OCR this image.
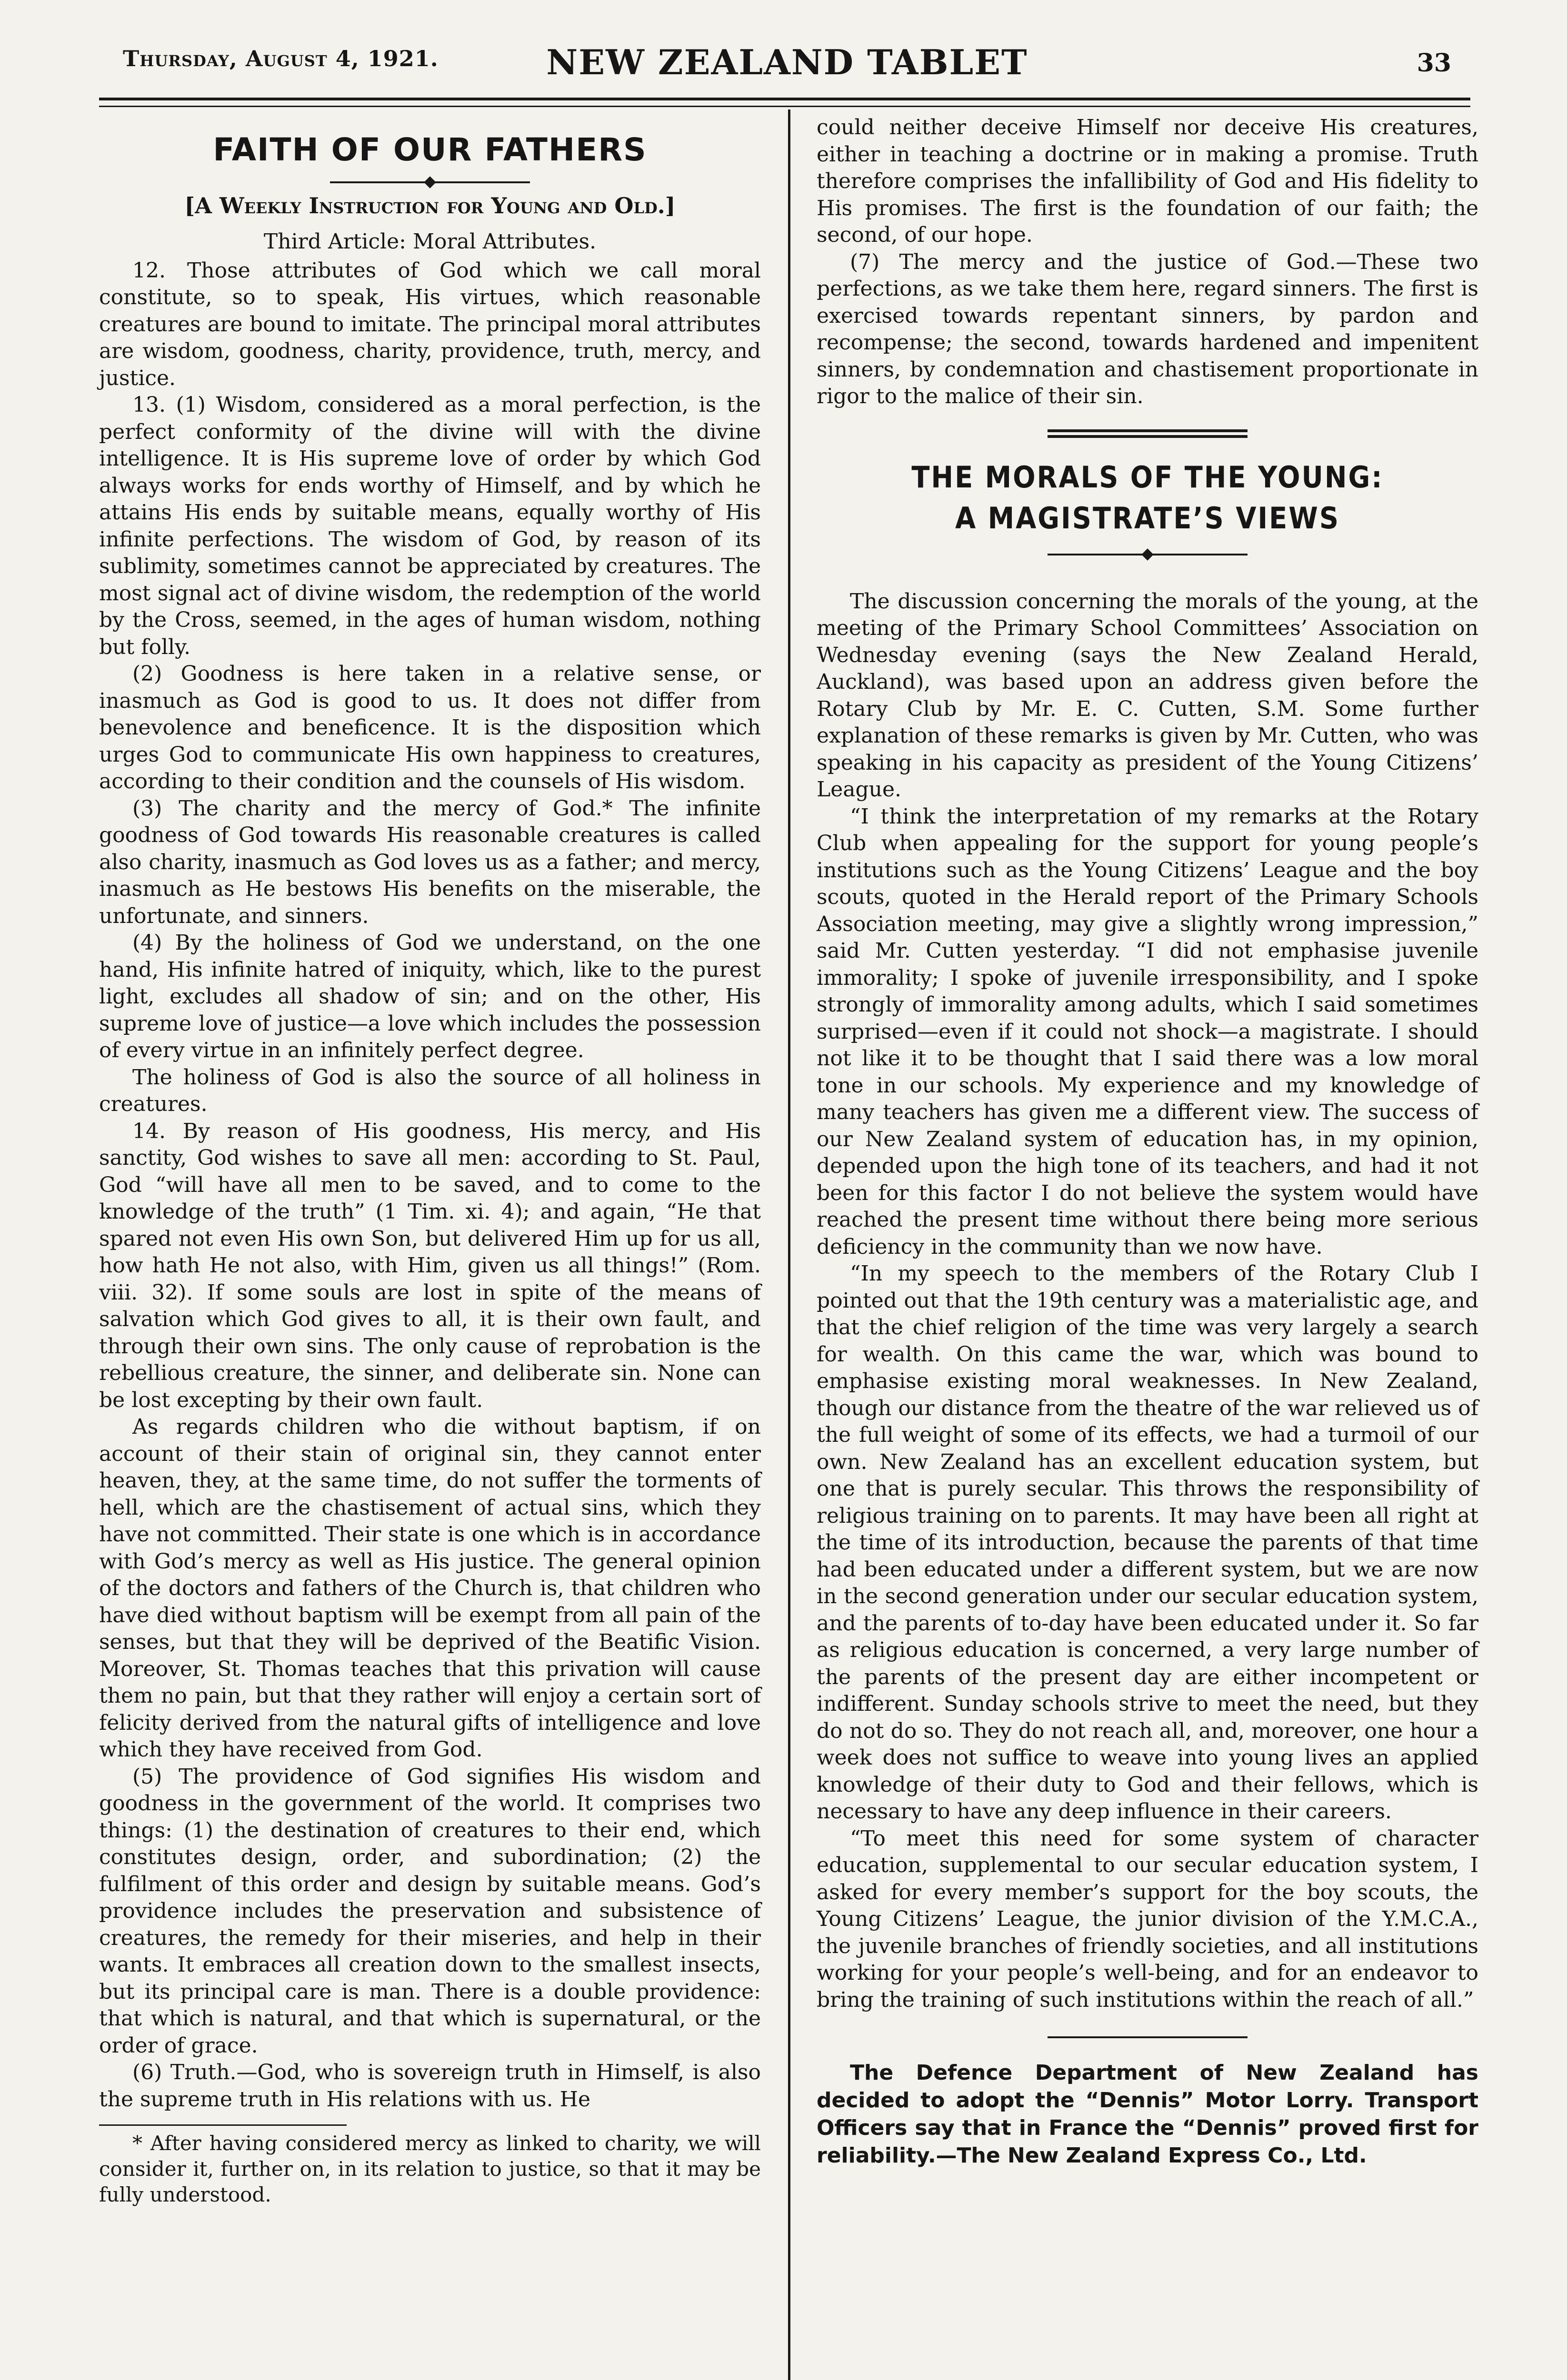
Thursday, August 4, 1921.	NEW ZEALAND TABLET	33
FAITH OF OUR FATHERS
[A Weekly Instruction for Young and Old.]

Third Article: Moral Attributes.

12. Those attributes of God which we call moral constitute, so to speak, His virtues, which reasonable creatures are bound to imitate. The principal moral attributes are wisdom, goodness, charity, providence, truth, mercy, and justice.

13. (1) Wisdom, considered as a moral perfection, is the perfect conformity of the divine will with the divine intelligence. It is His supreme love of order by which God always works for ends worthy of Himself, and by which he attains His ends by suitable means, equally worthy of His infinite perfections. The wisdom of God, by reason of its sublimity, sometimes cannot be appreciated by creatures. The most signal act of divine wisdom, the redemption of the world by the Cross, seemed, in the ages of human wisdom, nothing but folly.

(2) Goodness is here taken in a relative sense, or inasmuch as God is good to us. It does not differ from benevolence and beneficence. It is the disposition which urges God to communicate His own happiness to creatures, according to their condition and the counsels of His wisdom.

(3) The charity and the mercy of God.* The infinite goodness of God towards His reasonable creatures is called also charity, inasmuch as God loves us as a father; and mercy, inasmuch as He bestows His benefits on the miserable, the unfortunate, and sinners.

(4) By the holiness of God we understand, on the one hand, His infinite hatred of iniquity, which, like to the purest light, excludes all shadow of sin; and on the other, His supreme love of justice—a love which includes the possession of every virtue in an infinitely perfect degree.

The holiness of God is also the source of all holiness in creatures.

14. By reason of His goodness, His mercy, and His sanctity, God wishes to save all men: according to St. Paul, God “will have all men to be saved, and to come to the knowledge of the truth” (1 Tim. xi. 4); and again, “He that spared not even His own Son, but delivered Him up for us all, how hath He not also, with Him, given us all things!” (Rom. viii. 32). If some souls are lost in spite of the means of salvation which God gives to all, it is their own fault, and through their own sins. The only cause of reprobation is the rebellious creature, the sinner, and deliberate sin. None can be lost excepting by their own fault.

As regards children who die without baptism, if on account of their stain of original sin, they cannot enter heaven, they, at the same time, do not suffer the torments of hell, which are the chastisement of actual sins, which they have not committed. Their state is one which is in accordance with God’s mercy as well as His justice. The general opinion of the doctors and fathers of the Church is, that children who have died without baptism will be exempt from all pain of the senses, but that they will be deprived of the Beatific Vision. Moreover, St. Thomas teaches that this privation will cause them no pain, but that they rather will enjoy a certain sort of felicity derived from the natural gifts of intelligence and love which they have received from God.

(5) The providence of God signifies His wisdom and goodness in the government of the world. It comprises two things: (1) the destination of creatures to their end, which constitutes design, order, and subordination; (2) the fulfilment of this order and design by suitable means. God’s providence includes the preservation and subsistence of creatures, the remedy for their miseries, and help in their wants. It embraces all creation down to the smallest insects, but its principal care is man. There is a double providence: that which is natural, and that which is supernatural, or the order of grace.

(6) Truth.—God, who is sovereign truth in Himself, is also the supreme truth in His relations with us. He

* After having considered mercy as linked to charity, we will consider it, further on, in its relation to justice, so that it may be fully understood.

could neither deceive Himself nor deceive His creatures, either in teaching a doctrine or in making a promise. Truth therefore comprises the infallibility of God and His fidelity to His promises. The first is the foundation of our faith; the second, of our hope.

(7) The mercy and the justice of God.—These two perfections, as we take them here, regard sinners. The first is exercised towards repentant sinners, by pardon and recompense; the second, towards hardened and impenitent sinners, by condemnation and chastisement proportionate in rigor to the malice of their sin.

THE MORALS OF THE YOUNG:
A MAGISTRATE’S VIEWS

The discussion concerning the morals of the young, at the meeting of the Primary School Committees’ Association on Wednesday evening (says the New Zealand Herald, Auckland), was based upon an address given before the Rotary Club by Mr. E. C. Cutten, S.M. Some further explanation of these remarks is given by Mr. Cutten, who was speaking in his capacity as president of the Young Citizens’ League.

“I think the interpretation of my remarks at the Rotary Club when appealing for the support for young people’s institutions such as the Young Citizens’ League and the boy scouts, quoted in the Herald report of the Primary Schools Association meeting, may give a slightly wrong impression,” said Mr. Cutten yesterday. “I did not emphasise juvenile immorality; I spoke of juvenile irresponsibility, and I spoke strongly of immorality among adults, which I said sometimes surprised—even if it could not shock—a magistrate. I should not like it to be thought that I said there was a low moral tone in our schools. My experience and my knowledge of many teachers has given me a different view. The success of our New Zealand system of education has, in my opinion, depended upon the high tone of its teachers, and had it not been for this factor I do not believe the system would have reached the present time without there being more serious deficiency in the community than we now have.

“In my speech to the members of the Rotary Club I pointed out that the 19th century was a materialistic age, and that the chief religion of the time was very largely a search for wealth. On this came the war, which was bound to emphasise existing moral weaknesses. In New Zealand, though our distance from the theatre of the war relieved us of the full weight of some of its effects, we had a turmoil of our own. New Zealand has an excellent education system, but one that is purely secular. This throws the responsibility of religious training on to parents. It may have been all right at the time of its introduction, because the parents of that time had been educated under a different system, but we are now in the second generation under our secular education system, and the parents of to-day have been educated under it. So far as religious education is concerned, a very large number of the parents of the present day are either incompetent or indifferent. Sunday schools strive to meet the need, but they do not do so. They do not reach all, and, moreover, one hour a week does not suffice to weave into young lives an applied knowledge of their duty to God and their fellows, which is necessary to have any deep influence in their careers.

“To meet this need for some system of character education, supplemental to our secular education system, I asked for every member’s support for the boy scouts, the Young Citizens’ League, the junior division of the Y.M.C.A., the juvenile branches of friendly societies, and all institutions working for your people’s well-being, and for an endeavor to bring the training of such institutions within the reach of all.”

The Defence Department of New Zealand has decided to adopt the “Dennis” Motor Lorry. Transport Officers say that in France the “Dennis” proved first for reliability.—The New Zealand Express Co., Ltd.
